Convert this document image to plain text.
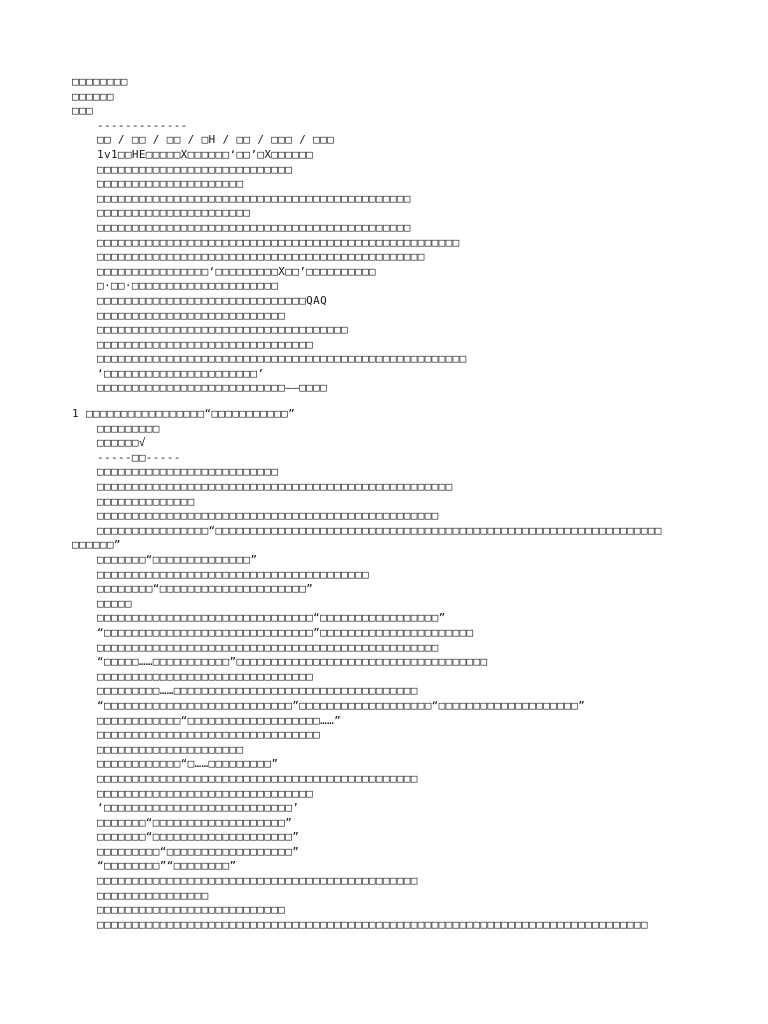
□□□□□□□□
□□□□□□
□□□
-------------
□□ / □□ / □□ / □H / □□ / □□□ / □□□
1v1□□HE□□□□□X□□□□□□‘□□’□X□□□□□□
□□□□□□□□□□□□□□□□□□□□□□□□□□□□
□□□□□□□□□□□□□□□□□□□□□
□□□□□□□□□□□□□□□□□□□□□□□□□□□□□□□□□□□□□□□□□□□□□
□□□□□□□□□□□□□□□□□□□□□□
□□□□□□□□□□□□□□□□□□□□□□□□□□□□□□□□□□□□□□□□□□□□□
□□□□□□□□□□□□□□□□□□□□□□□□□□□□□□□□□□□□□□□□□□□□□□□□□□□□
□□□□□□□□□□□□□□□□□□□□□□□□□□□□□□□□□□□□□□□□□□□□□□□
□□□□□□□□□□□□□□□□‘□□□□□□□□□X□□’□□□□□□□□□□
□·□□·□□□□□□□□□□□□□□□□□□□□□
□□□□□□□□□□□□□□□□□□□□□□□□□□□□□□QAQ
□□□□□□□□□□□□□□□□□□□□□□□□□□□
□□□□□□□□□□□□□□□□□□□□□□□□□□□□□□□□□□□□
□□□□□□□□□□□□□□□□□□□□□□□□□□□□□□□
□□□□□□□□□□□□□□□□□□□□□□□□□□□□□□□□□□□□□□□□□□□□□□□□□□□□□
‘□□□□□□□□□□□□□□□□□□□□□□’
□□□□□□□□□□□□□□□□□□□□□□□□□□□——□□□□
1 □□□□□□□□□□□□□□□□□“□□□□□□□□□□□”
□□□□□□□□□
□□□□□□√
-----□□-----
□□□□□□□□□□□□□□□□□□□□□□□□□□
□□□□□□□□□□□□□□□□□□□□□□□□□□□□□□□□□□□□□□□□□□□□□□□□□□□
□□□□□□□□□□□□□□
□□□□□□□□□□□□□□□□□□□□□□□□□□□□□□□□□□□□□□□□□□□□□□□□□
□□□□□□□□□□□□□□□□“□□□□□□□□□□□□□□□□□□□□□□□□□□□□□□□□□□□□□□□□□□□□□□□□□□□□□□□□□□□□□□□□
□□□□□□”
□□□□□□□“□□□□□□□□□□□□□□”
□□□□□□□□□□□□□□□□□□□□□□□□□□□□□□□□□□□□□□□
□□□□□□□□“□□□□□□□□□□□□□□□□□□□□□”
□□□□□
□□□□□□□□□□□□□□□□□□□□□□□□□□□□□□□“□□□□□□□□□□□□□□□□□”
“□□□□□□□□□□□□□□□□□□□□□□□□□□□□□□”□□□□□□□□□□□□□□□□□□□□□□
□□□□□□□□□□□□□□□□□□□□□□□□□□□□□□□□□□□□□□□□□□□□□□□□□
“□□□□□……□□□□□□□□□□□”□□□□□□□□□□□□□□□□□□□□□□□□□□□□□□□□□□□□
□□□□□□□□□□□□□□□□□□□□□□□□□□□□□□□
□□□□□□□□□……□□□□□□□□□□□□□□□□□□□□□□□□□□□□□□□□□□□
“□□□□□□□□□□□□□□□□□□□□□□□□□□□”□□□□□□□□□□□□□□□□□□□“□□□□□□□□□□□□□□□□□□□□”
□□□□□□□□□□□□“□□□□□□□□□□□□□□□□□□□……”
□□□□□□□□□□□□□□□□□□□□□□□□□□□□□□□□
□□□□□□□□□□□□□□□□□□□□□
□□□□□□□□□□□□“□……□□□□□□□□□”
□□□□□□□□□□□□□□□□□□□□□□□□□□□□□□□□□□□□□□□□□□□□□□
□□□□□□□□□□□□□□□□□□□□□□□□□□□□□□□
‘□□□□□□□□□□□□□□□□□□□□□□□□□□□’
□□□□□□□“□□□□□□□□□□□□□□□□□□□”
□□□□□□□“□□□□□□□□□□□□□□□□□□□□”
□□□□□□□□□“□□□□□□□□□□□□□□□□□□”
“□□□□□□□□”“□□□□□□□□”
□□□□□□□□□□□□□□□□□□□□□□□□□□□□□□□□□□□□□□□□□□□□□□
□□□□□□□□□□□□□□□□
□□□□□□□□□□□□□□□□□□□□□□□□□□□
□□□□□□□□□□□□□□□□□□□□□□□□□□□□□□□□□□□□□□□□□□□□□□□□□□□□□□□□□□□□□□□□□□□□□□□□□□□□□□□
